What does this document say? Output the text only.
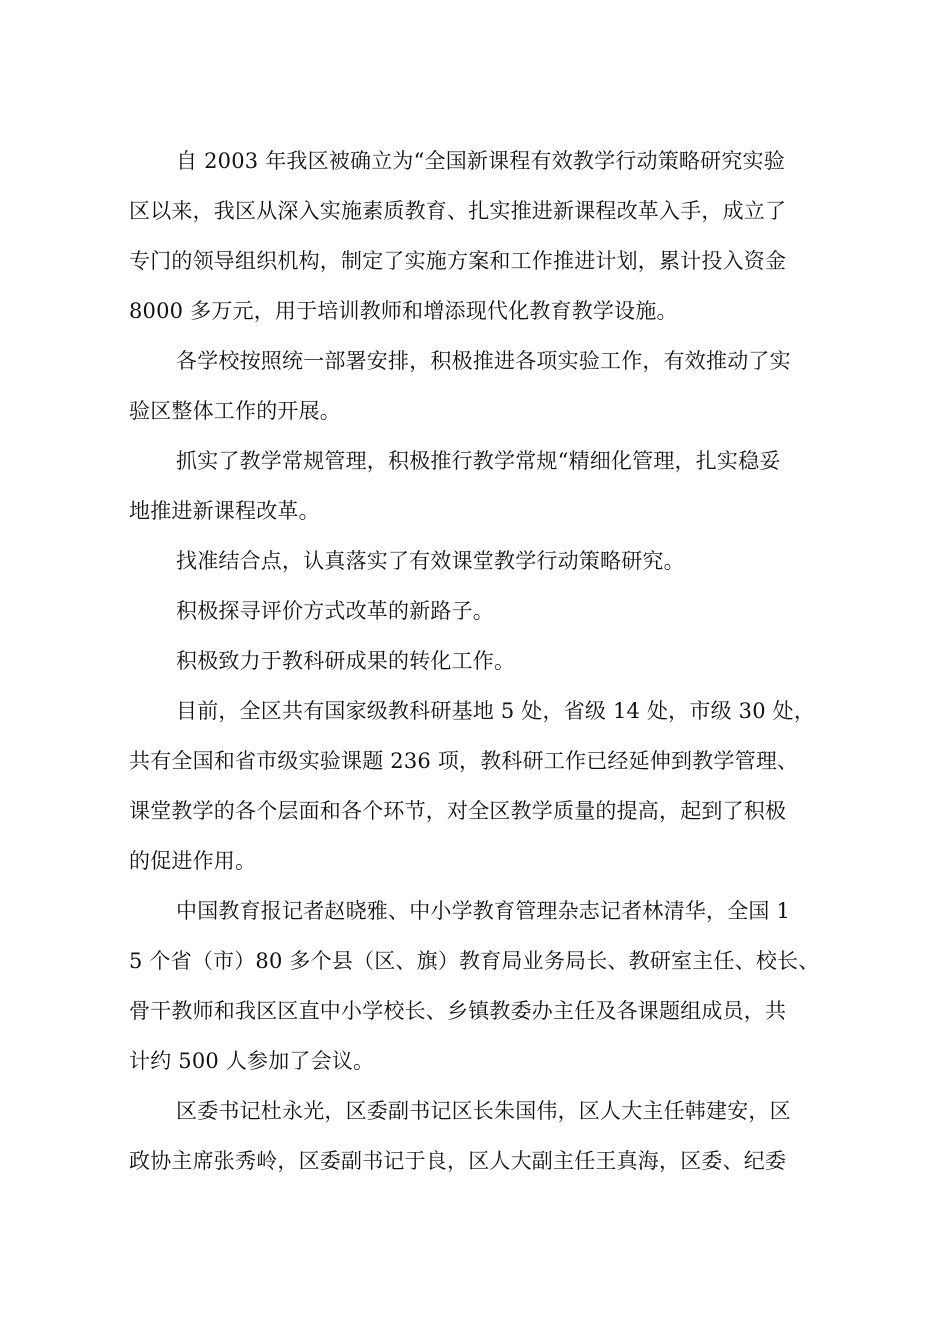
自 2003 年我区被确立为“全国新课程有效教学行动策略研究实验
区以来，我区从深入实施素质教育、扎实推进新课程改革入手，成立了
专门的领导组织机构，制定了实施方案和工作推进计划，累计投入资金
8000 多万元，用于培训教师和增添现代化教育教学设施。
各学校按照统一部署安排，积极推进各项实验工作，有效推动了实
验区整体工作的开展。
抓实了教学常规管理，积极推行教学常规“精细化管理，扎实稳妥
地推进新课程改革。
找准结合点，认真落实了有效课堂教学行动策略研究。
积极探寻评价方式改革的新路子。
积极致力于教科研成果的转化工作。
目前，全区共有国家级教科研基地 5 处，省级 14 处，市级 30 处，
共有全国和省市级实验课题 236 项，教科研工作已经延伸到教学管理、
课堂教学的各个层面和各个环节，对全区教学质量的提高，起到了积极
的促进作用。
中国教育报记者赵晓雅、中小学教育管理杂志记者林清华，全国 1
5 个省（市）80 多个县（区、旗）教育局业务局长、教研室主任、校长、
骨干教师和我区区直中小学校长、乡镇教委办主任及各课题组成员，共
计约 500 人参加了会议。
区委书记杜永光，区委副书记区长朱国伟，区人大主任韩建安，区
政协主席张秀岭，区委副书记于良，区人大副主任王真海，区委、纪委
